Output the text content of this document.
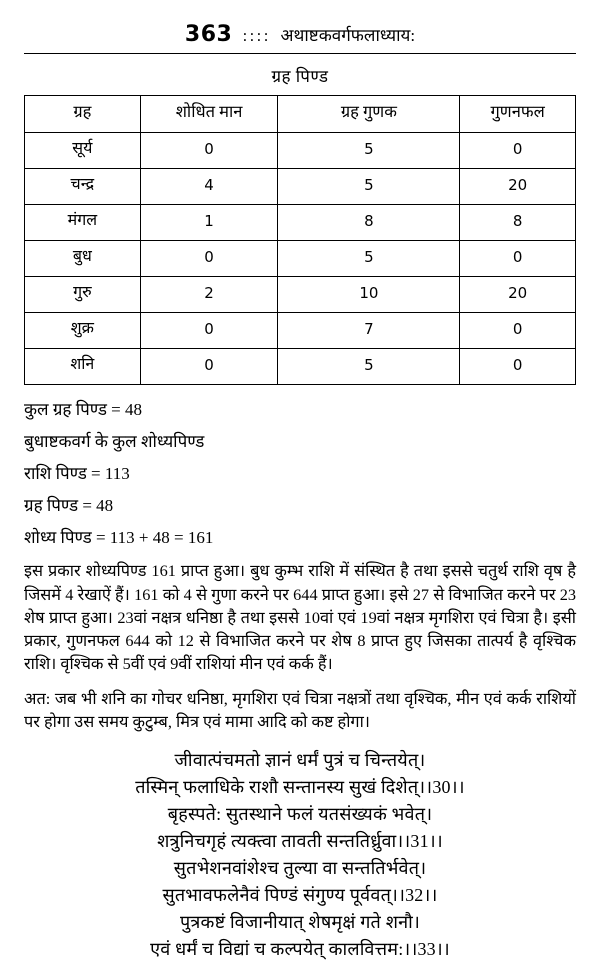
363 :::: अथाष्टकवर्गफलाध्याय:
ग्रह पिण्ड
ग्रह	शोधित मान	ग्रह गुणक	गुणनफल
सूर्य	0	5	0
चन्द्र	4	5	20
मंगल	1	8	8
बुध	0	5	0
गुरु	2	10	20
शुक्र	0	7	0
शनि	0	5	0

कुल ग्रह पिण्ड = 48

बुधाष्टकवर्ग के कुल शोध्यपिण्ड

राशि पिण्ड = 113

ग्रह पिण्ड = 48

शोध्य पिण्ड = 113 + 48 = 161

इस प्रकार शोध्यपिण्ड 161 प्राप्त हुआ। बुध कुम्भ राशि में संस्थित है तथा इससे चतुर्थ राशि वृष है जिसमें 4 रेखाऐं हैं। 161 को 4 से गुणा करने पर 644 प्राप्त हुआ। इसे 27 से विभाजित करने पर 23 शेष प्राप्त हुआ। 23वां नक्षत्र धनिष्ठा है तथा इससे 10वां एवं 19वां नक्षत्र मृगशिरा एवं चित्रा है। इसी प्रकार, गुणनफल 644 को 12 से विभाजित करने पर शेष 8 प्राप्त हुए जिसका तात्पर्य है वृश्चिक राशि। वृश्चिक से 5वीं एवं 9वीं राशियां मीन एवं कर्क हैं।

अत: जब भी शनि का गोचर धनिष्ठा, मृगशिरा एवं चित्रा नक्षत्रों तथा वृश्चिक, मीन एवं कर्क राशियों पर होगा उस समय कुटुम्ब, मित्र एवं मामा आदि को कष्ट होगा।

जीवात्पंचमतो ज्ञानं धर्मं पुत्रं च चिन्तयेत्।
तस्मिन् फलाधिके राशौ सन्तानस्य सुखं दिशेत्।।30।।
बृहस्पते: सुतस्थाने फलं यतसंख्यकं भवेत्।
शत्रुनिचगृहं त्यक्त्वा तावती सन्ततिर्ध्रुवा।।31।।
सुतभेशनवांशेश्च तुल्या वा सन्ततिर्भवेत्।
सुतभावफलेनैवं पिण्डं संगुण्य पूर्ववत्।।32।।
पुत्रकष्टं विजानीयात् शेषमृक्षं गते शनौ।
एवं धर्मं च विद्यां च कल्पयेत् कालवित्तम:।।33।।
